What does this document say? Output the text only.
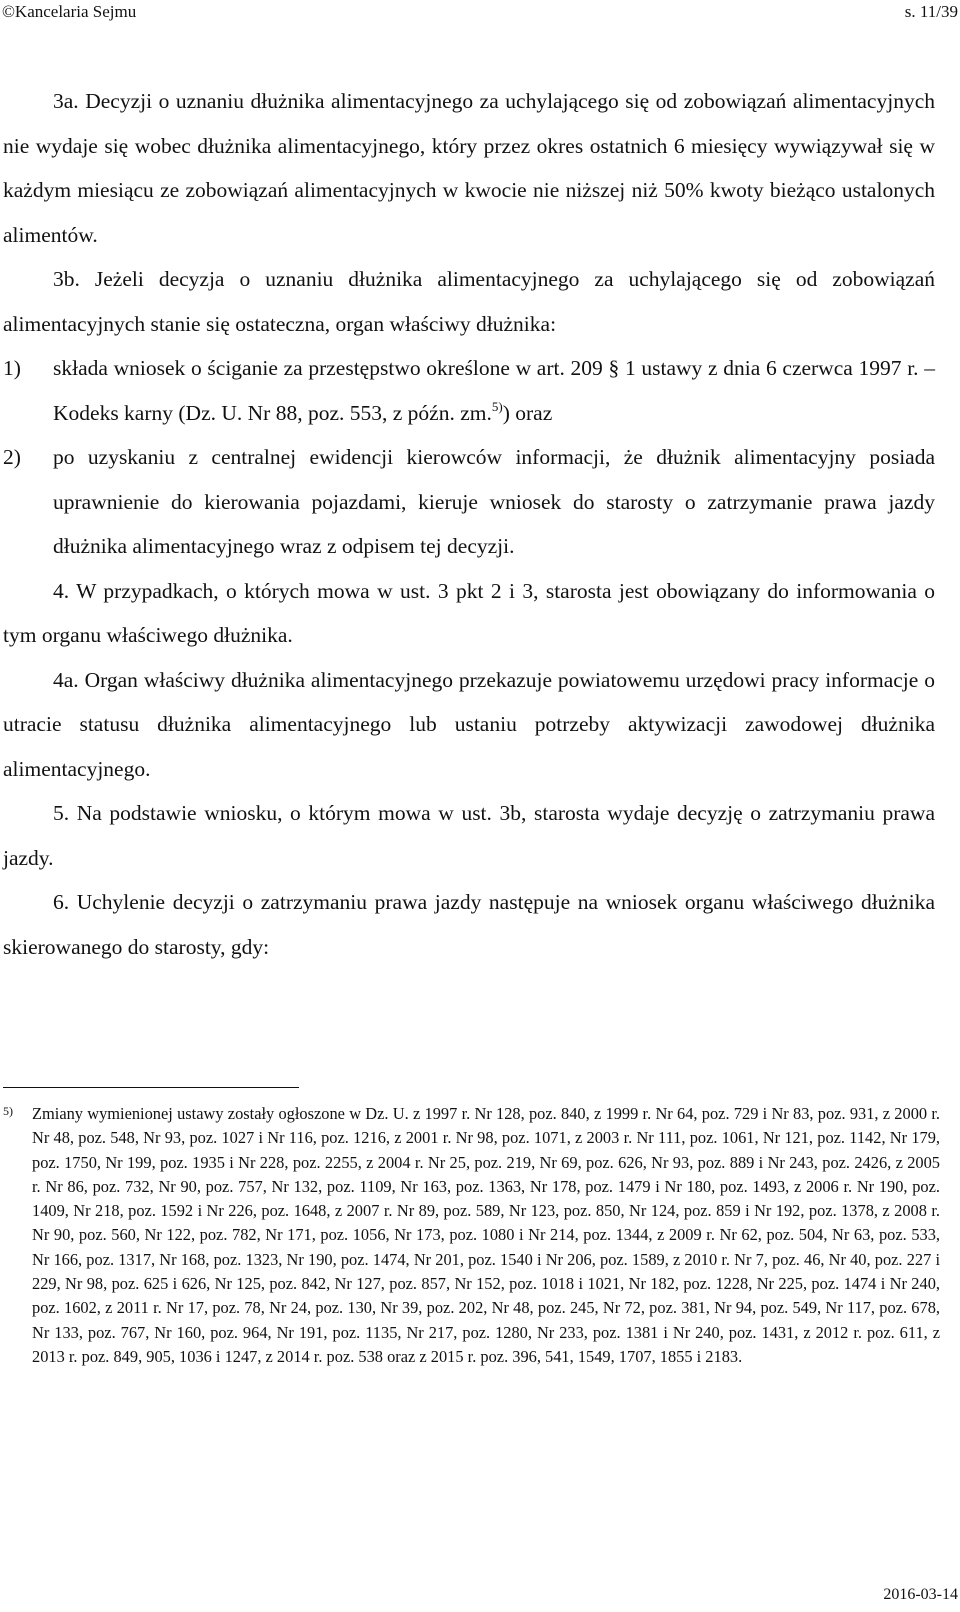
©Kancelaria Sejmu	s. 11/39

3a. Decyzji o uznaniu dłużnika alimentacyjnego za uchylającego się od zobowiązań alimentacyjnych nie wydaje się wobec dłużnika alimentacyjnego, który przez okres ostatnich 6 miesięcy wywiązywał się w każdym miesiącu ze zobowiązań alimentacyjnych w kwocie nie niższej niż 50% kwoty bieżąco ustalonych alimentów.

3b. Jeżeli decyzja o uznaniu dłużnika alimentacyjnego za uchylającego się od zobowiązań alimentacyjnych stanie się ostateczna, organ właściwy dłużnika:

1) składa wniosek o ściganie za przestępstwo określone w art. 209 § 1 ustawy z dnia 6 czerwca 1997 r. – Kodeks karny (Dz. U. Nr 88, poz. 553, z późn. zm.$^{5)}$) oraz
2) po uzyskaniu z centralnej ewidencji kierowców informacji, że dłużnik alimentacyjny posiada uprawnienie do kierowania pojazdami, kieruje wniosek do starosty o zatrzymanie prawa jazdy dłużnika alimentacyjnego wraz z odpisem tej decyzji.

4. W przypadkach, o których mowa w ust. 3 pkt 2 i 3, starosta jest obowiązany do informowania o tym organu właściwego dłużnika.

4a. Organ właściwy dłużnika alimentacyjnego przekazuje powiatowemu urzędowi pracy informacje o utracie statusu dłużnika alimentacyjnego lub ustaniu potrzeby aktywizacji zawodowej dłużnika alimentacyjnego.

5. Na podstawie wniosku, o którym mowa w ust. 3b, starosta wydaje decyzję o zatrzymaniu prawa jazdy.

6. Uchylenie decyzji o zatrzymaniu prawa jazdy następuje na wniosek organu właściwego dłużnika skierowanego do starosty, gdy:

5) Zmiany wymienionej ustawy zostały ogłoszone w Dz. U. z 1997 r. Nr 128, poz. 840, z 1999 r. Nr 64, poz. 729 i Nr 83, poz. 931, z 2000 r. Nr 48, poz. 548, Nr 93, poz. 1027 i Nr 116, poz. 1216, z 2001 r. Nr 98, poz. 1071, z 2003 r. Nr 111, poz. 1061, Nr 121, poz. 1142, Nr 179, poz. 1750, Nr 199, poz. 1935 i Nr 228, poz. 2255, z 2004 r. Nr 25, poz. 219, Nr 69, poz. 626, Nr 93, poz. 889 i Nr 243, poz. 2426, z 2005 r. Nr 86, poz. 732, Nr 90, poz. 757, Nr 132, poz. 1109, Nr 163, poz. 1363, Nr 178, poz. 1479 i Nr 180, poz. 1493, z 2006 r. Nr 190, poz. 1409, Nr 218, poz. 1592 i Nr 226, poz. 1648, z 2007 r. Nr 89, poz. 589, Nr 123, poz. 850, Nr 124, poz. 859 i Nr 192, poz. 1378, z 2008 r. Nr 90, poz. 560, Nr 122, poz. 782, Nr 171, poz. 1056, Nr 173, poz. 1080 i Nr 214, poz. 1344, z 2009 r. Nr 62, poz. 504, Nr 63, poz. 533, Nr 166, poz. 1317, Nr 168, poz. 1323, Nr 190, poz. 1474, Nr 201, poz. 1540 i Nr 206, poz. 1589, z 2010 r. Nr 7, poz. 46, Nr 40, poz. 227 i 229, Nr 98, poz. 625 i 626, Nr 125, poz. 842, Nr 127, poz. 857, Nr 152, poz. 1018 i 1021, Nr 182, poz. 1228, Nr 225, poz. 1474 i Nr 240, poz. 1602, z 2011 r. Nr 17, poz. 78, Nr 24, poz. 130, Nr 39, poz. 202, Nr 48, poz. 245, Nr 72, poz. 381, Nr 94, poz. 549, Nr 117, poz. 678, Nr 133, poz. 767, Nr 160, poz. 964, Nr 191, poz. 1135, Nr 217, poz. 1280, Nr 233, poz. 1381 i Nr 240, poz. 1431, z 2012 r. poz. 611, z 2013 r. poz. 849, 905, 1036 i 1247, z 2014 r. poz. 538 oraz z 2015 r. poz. 396, 541, 1549, 1707, 1855 i 2183.
2016-03-14
